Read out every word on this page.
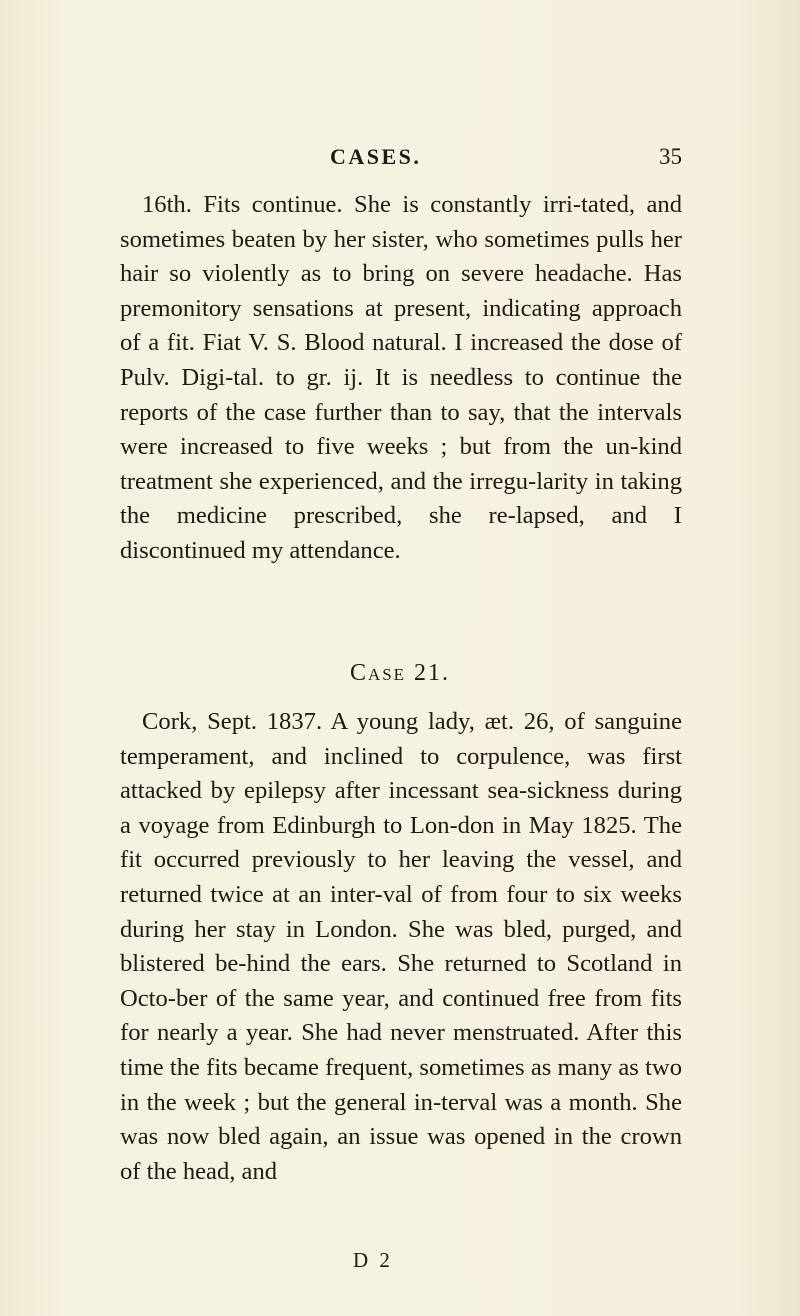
CASES.	35

16th. Fits continue. She is constantly irri-tated, and sometimes beaten by her sister, who sometimes pulls her hair so violently as to bring on severe headache. Has premonitory sensations at present, indicating approach of a fit. Fiat V. S. Blood natural. I increased the dose of Pulv. Digi-tal. to gr. ij. It is needless to continue the reports of the case further than to say, that the intervals were increased to five weeks ; but from the un-kind treatment she experienced, and the irregu-larity in taking the medicine prescribed, she re-lapsed, and I discontinued my attendance.

Case 21.

Cork, Sept. 1837. A young lady, æt. 26, of sanguine temperament, and inclined to corpulence, was first attacked by epilepsy after incessant sea-sickness during a voyage from Edinburgh to Lon-don in May 1825. The fit occurred previously to her leaving the vessel, and returned twice at an inter-val of from four to six weeks during her stay in London. She was bled, purged, and blistered be-hind the ears. She returned to Scotland in Octo-ber of the same year, and continued free from fits for nearly a year. She had never menstruated. After this time the fits became frequent, sometimes as many as two in the week ; but the general in-terval was a month. She was now bled again, an issue was opened in the crown of the head, and

D 2
